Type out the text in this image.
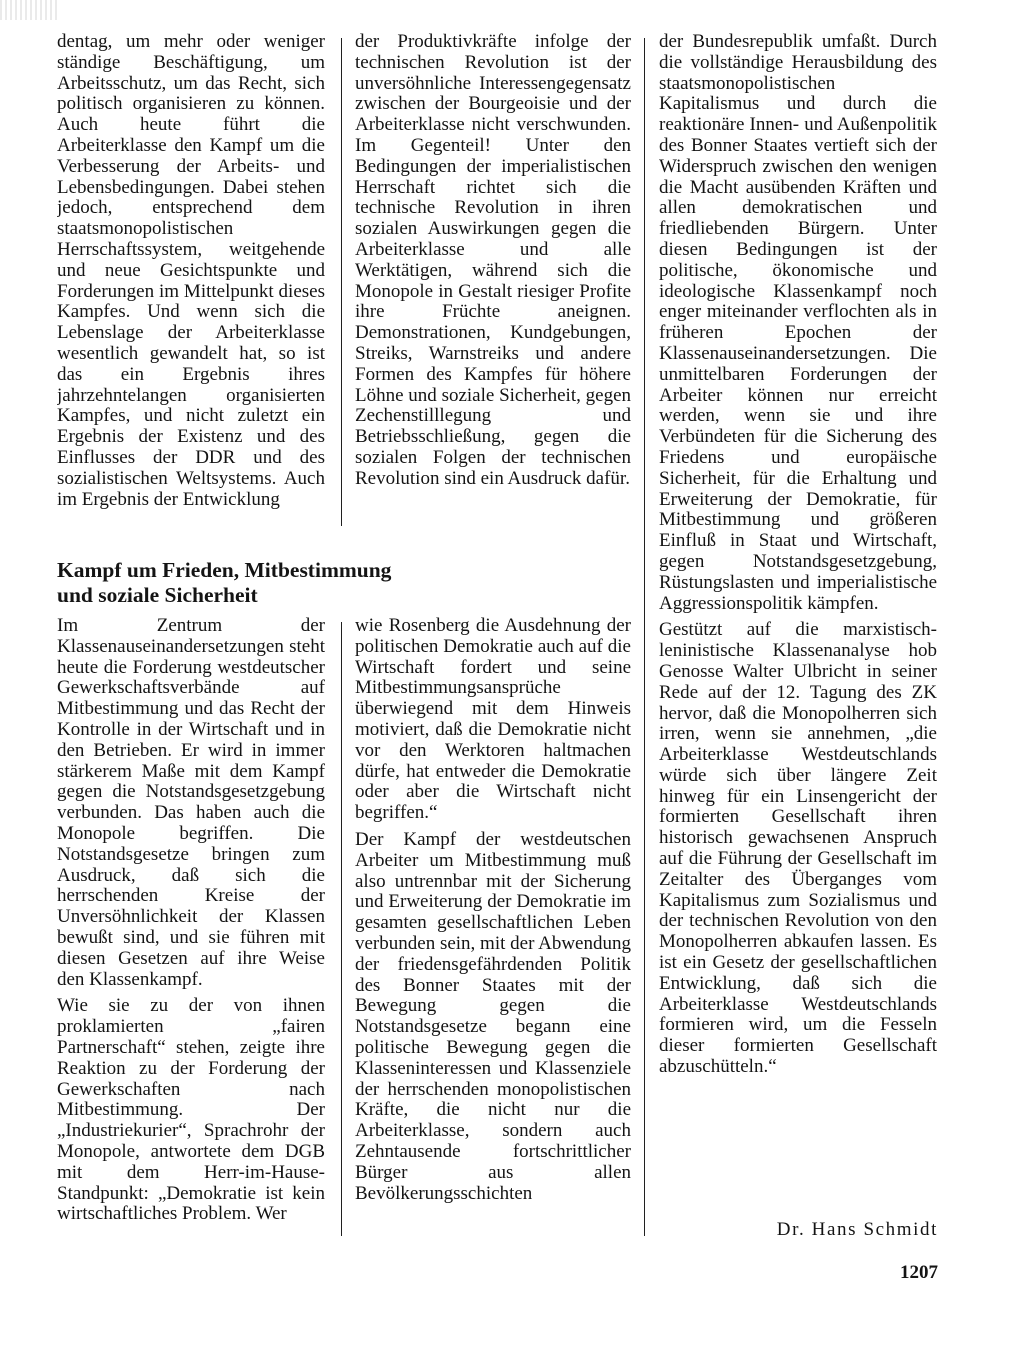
dentag, um mehr oder weniger ständige Beschäftigung, um Arbeitsschutz, um das Recht, sich politisch organisieren zu können. Auch heute führt die Arbeiterklasse den Kampf um die Verbesserung der Arbeits- und Lebensbedingungen. Dabei stehen jedoch, entsprechend dem staatsmonopolistischen Herrschaftssystem, weitgehende und neue Gesichtspunkte und Forderungen im Mittelpunkt dieses Kampfes. Und wenn sich die Lebenslage der Arbeiterklasse wesentlich gewandelt hat, so ist das ein Ergebnis ihres jahrzehntelangen organisierten Kampfes, und nicht zuletzt ein Ergebnis der Existenz und des Einflusses der DDR und des sozialistischen Weltsystems. Auch im Ergebnis der Entwicklung

der Produktivkräfte infolge der technischen Revolution ist der unversöhnliche Interessengegensatz zwischen der Bourgeoisie und der Arbeiterklasse nicht verschwunden. Im Gegenteil! Unter den Bedingungen der imperialistischen Herrschaft richtet sich die technische Revolution in ihren sozialen Auswirkungen gegen die Arbeiterklasse und alle Werktätigen, während sich die Monopole in Gestalt riesiger Profite ihre Früchte aneignen. Demonstrationen, Kundgebungen, Streiks, Warnstreiks und andere Formen des Kampfes für höhere Löhne und soziale Sicherheit, gegen Zechenstilllegung und Betriebsschließung, gegen die sozialen Folgen der technischen Revolution sind ein Ausdruck dafür.

der Bundesrepublik umfaßt. Durch die vollständige Herausbildung des staatsmonopolistischen Kapitalismus und durch die reaktionäre Innen- und Außenpolitik des Bonner Staates vertieft sich der Widerspruch zwischen den wenigen die Macht ausübenden Kräften und allen demokratischen und friedliebenden Bürgern. Unter diesen Bedingungen ist der politische, ökonomische und ideologische Klassenkampf noch enger miteinander verflochten als in früheren Epochen der Klassenauseinandersetzungen. Die unmittelbaren Forderungen der Arbeiter können nur erreicht werden, wenn sie und ihre Verbündeten für die Sicherung des Friedens und europäische Sicherheit, für die Erhaltung und Erweiterung der Demokratie, für Mitbestimmung und größeren Einfluß in Staat und Wirtschaft, gegen Notstandsgesetzgebung, Rüstungslasten und imperialistische Aggressionspolitik kämpfen.

Gestützt auf die marxistisch-leninistische Klassenanalyse hob Genosse Walter Ulbricht in seiner Rede auf der 12. Tagung des ZK hervor, daß die Monopolherren sich irren, wenn sie annehmen, „die Arbeiterklasse Westdeutschlands würde sich über längere Zeit hinweg für ein Linsengericht der formierten Gesellschaft ihren historisch gewachsenen Anspruch auf die Führung der Gesellschaft im Zeitalter des Überganges vom Kapitalismus zum Sozialismus und der technischen Revolution von den Monopolherren abkaufen lassen. Es ist ein Gesetz der gesellschaftlichen Entwicklung, daß sich die Arbeiterklasse Westdeutschlands formieren wird, um die Fesseln dieser formierten Gesellschaft abzuschütteln.“

Kampf um Frieden, Mitbestimmung
und soziale Sicherheit

Im Zentrum der Klassenauseinandersetzungen steht heute die Forderung westdeutscher Gewerkschaftsverbände auf Mitbestimmung und das Recht der Kontrolle in der Wirtschaft und in den Betrieben. Er wird in immer stärkerem Maße mit dem Kampf gegen die Notstandsgesetzgebung verbunden. Das haben auch die Monopole begriffen. Die Notstandsgesetze bringen zum Ausdruck, daß sich die herrschenden Kreise der Unversöhnlichkeit der Klassen bewußt sind, und sie führen mit diesen Gesetzen auf ihre Weise den Klassenkampf.

Wie sie zu der von ihnen proklamierten „fairen Partnerschaft“ stehen, zeigte ihre Reaktion zu der Forderung der Gewerkschaften nach Mitbestimmung. Der „Industriekurier“, Sprachrohr der Monopole, antwortete dem DGB mit dem Herr-im-Hause-Standpunkt: „Demokratie ist kein wirtschaftliches Problem. Wer

wie Rosenberg die Ausdehnung der politischen Demokratie auch auf die Wirtschaft fordert und seine Mitbestimmungsansprüche überwiegend mit dem Hinweis motiviert, daß die Demokratie nicht vor den Werktoren haltmachen dürfe, hat entweder die Demokratie oder aber die Wirtschaft nicht begriffen.“

Der Kampf der westdeutschen Arbeiter um Mitbestimmung muß also untrennbar mit der Sicherung und Erweiterung der Demokratie im gesamten gesellschaftlichen Leben verbunden sein, mit der Abwendung der friedensgefährdenden Politik des Bonner Staates mit der Bewegung gegen die Notstandsgesetze begann eine politische Bewegung gegen die Klasseninteressen und Klassenziele der herrschenden monopolistischen Kräfte, die nicht nur die Arbeiterklasse, sondern auch Zehntausende fortschrittlicher Bürger aus allen Bevölkerungsschichten

Dr. Hans Schmidt
1207
